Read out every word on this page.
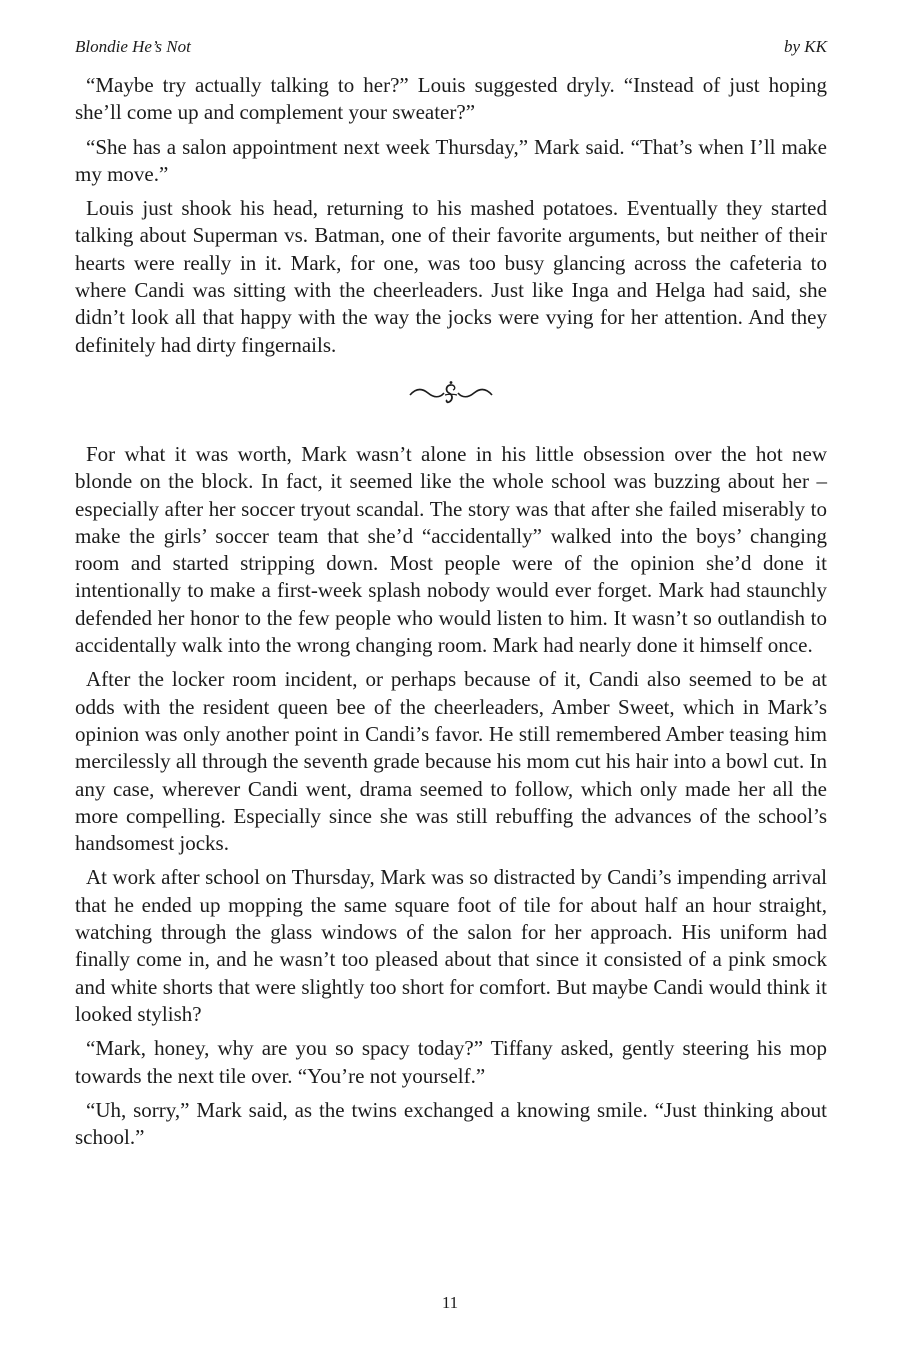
Blondie He’s Not	by KK

“Maybe try actually talking to her?” Louis suggested dryly. “Instead of just hoping she’ll come up and complement your sweater?”

“She has a salon appointment next week Thursday,” Mark said. “That’s when I’ll make my move.”

Louis just shook his head, returning to his mashed potatoes. Eventually they started talking about Superman vs. Batman, one of their favorite arguments, but neither of their hearts were really in it. Mark, for one, was too busy glancing across the cafeteria to where Candi was sitting with the cheerleaders. Just like Inga and Helga had said, she didn’t look all that happy with the way the jocks were vying for her attention. And they definitely had dirty fingernails.

For what it was worth, Mark wasn’t alone in his little obsession over the hot new blonde on the block. In fact, it seemed like the whole school was buzzing about her – especially after her soccer tryout scandal. The story was that after she failed miserably to make the girls’ soccer team that she’d “accidentally” walked into the boys’ changing room and started stripping down. Most people were of the opinion she’d done it intentionally to make a first-week splash nobody would ever forget. Mark had staunchly defended her honor to the few people who would listen to him. It wasn’t so outlandish to accidentally walk into the wrong changing room. Mark had nearly done it himself once.

After the locker room incident, or perhaps because of it, Candi also seemed to be at odds with the resident queen bee of the cheerleaders, Amber Sweet, which in Mark’s opinion was only another point in Candi’s favor. He still remembered Amber teasing him mercilessly all through the seventh grade because his mom cut his hair into a bowl cut. In any case, wherever Candi went, drama seemed to follow, which only made her all the more compelling. Especially since she was still rebuffing the advances of the school’s handsomest jocks.

At work after school on Thursday, Mark was so distracted by Candi’s impending arrival that he ended up mopping the same square foot of tile for about half an hour straight, watching through the glass windows of the salon for her approach. His uniform had finally come in, and he wasn’t too pleased about that since it consisted of a pink smock and white shorts that were slightly too short for comfort. But maybe Candi would think it looked stylish?

“Mark, honey, why are you so spacy today?” Tiffany asked, gently steering his mop towards the next tile over. “You’re not yourself.”

“Uh, sorry,” Mark said, as the twins exchanged a knowing smile. “Just thinking about school.”

11
